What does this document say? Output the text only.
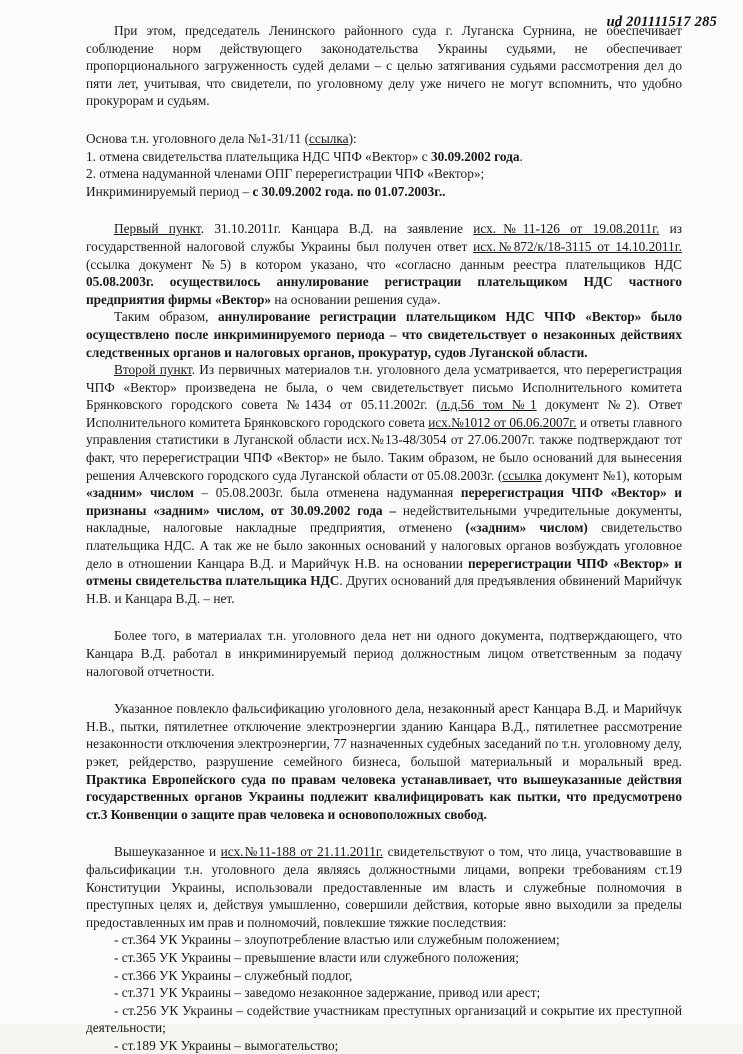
ud 201111517 285

При этом, председатель Ленинского районного суда г. Луганска Сурнина, не обеспечивает соблюдение норм действующего законодательства Украины судьями, не обеспечивает пропорционального загруженность судей делами – с целью затягивания судьями рассмотрения дел до пяти лет, учитывая, что свидетели, по уголовному делу уже ничего не могут вспомнить, что удобно прокурорам и судьям.

Основа т.н. уголовного дела №1-31/11 (ссылка):

1. отмена свидетельства плательщика НДС ЧПФ «Вектор» с 30.09.2002 года.

2. отмена надуманной членами ОПГ перерегистрации ЧПФ «Вектор»;

Инкриминируемый период – с 30.09.2002 года. по 01.07.2003г..

Первый пункт. 31.10.2011г. Канцара В.Д. на заявление исх.№11-126 от 19.08.2011г. из государственной налоговой службы Украины был получен ответ исх.№872/к/18-3115 от 14.10.2011г. (ссылка документ №5) в котором указано, что «согласно данным реестра плательщиков НДС 05.08.2003г. осуществилось аннулирование регистрации плательщиком НДС частного предприятия фирмы «Вектор» на основании решения суда».

Таким образом, аннулирование регистрации плательщиком НДС ЧПФ «Вектор» было осуществлено после инкриминируемого периода – что свидетельствует о незаконных действиях следственных органов и налоговых органов, прокуратур, судов Луганской области.

Второй пункт. Из первичных материалов т.н. уголовного дела усматривается, что перерегистрация ЧПФ «Вектор» произведена не была, о чем свидетельствует письмо Исполнительного комитета Брянковского городского совета №1434 от 05.11.2002г. (л.д.56 том №1 документ №2). Ответ Исполнительного комитета Брянковского городского совета исх.№1012 от 06.06.2007г. и ответы главного управления статистики в Луганской области исх.№13-48/3054 от 27.06.2007г. также подтверждают тот факт, что перерегистрации ЧПФ «Вектор» не было. Таким образом, не было оснований для вынесения решения Алчевского городского суда Луганской области от 05.08.2003г. (ссылка документ №1), которым «задним» числом – 05.08.2003г. была отменена надуманная перерегистрация ЧПФ «Вектор» и признаны «задним» числом, от 30.09.2002 года – недействительными учредительные документы, накладные, налоговые накладные предприятия, отменено («задним» числом) свидетельство плательщика НДС. А так же не было законных оснований у налоговых органов возбуждать уголовное дело в отношении Канцара В.Д. и Марийчук Н.В. на основании перерегистрации ЧПФ «Вектор» и отмены свидетельства плательщика НДС. Других оснований для предъявления обвинений Марийчук Н.В. и Канцара В.Д. – нет.

Более того, в материалах т.н. уголовного дела нет ни одного документа, подтверждающего, что Канцара В.Д. работал в инкриминируемый период должностным лицом ответственным за подачу налоговой отчетности.

Указанное повлекло фальсификацию уголовного дела, незаконный арест Канцара В.Д. и Марийчук Н.В., пытки, пятилетнее отключение электроэнергии зданию Канцара В.Д., пятилетнее рассмотрение незаконности отключения электроэнергии, 77 назначенных судебных заседаний по т.н. уголовному делу, рэкет, рейдерство, разрушение семейного бизнеса, большой материальный и моральный вред. Практика Европейского суда по правам человека устанавливает, что вышеуказанные действия государственных органов Украины подлежит квалифицировать как пытки, что предусмотрено ст.3 Конвенции о защите прав человека и основоположных свобод.

Вышеуказанное и исх.№11-188 от 21.11.2011г. свидетельствуют о том, что лица, участвовавшие в фальсификации т.н. уголовного дела являясь должностными лицами, вопреки требованиям ст.19 Конституции Украины, использовали предоставленные им власть и служебные полномочия в преступных целях и, действуя умышленно, совершили действия, которые явно выходили за пределы предоставленных им прав и полномочий, повлекшие тяжкие последствия:

- ст.364 УК Украины – злоупотребление властью или служебным положением;

- ст.365 УК Украины – превышение власти или служебного положения;

- ст.366 УК Украины – служебный подлог,

- ст.371 УК Украины – заведомо незаконное задержание, привод или арест;

- ст.256 УК Украины – содействие участникам преступных организаций и сокрытие их преступной деятельности;

- ст.189 УК Украины – вымогательство;
